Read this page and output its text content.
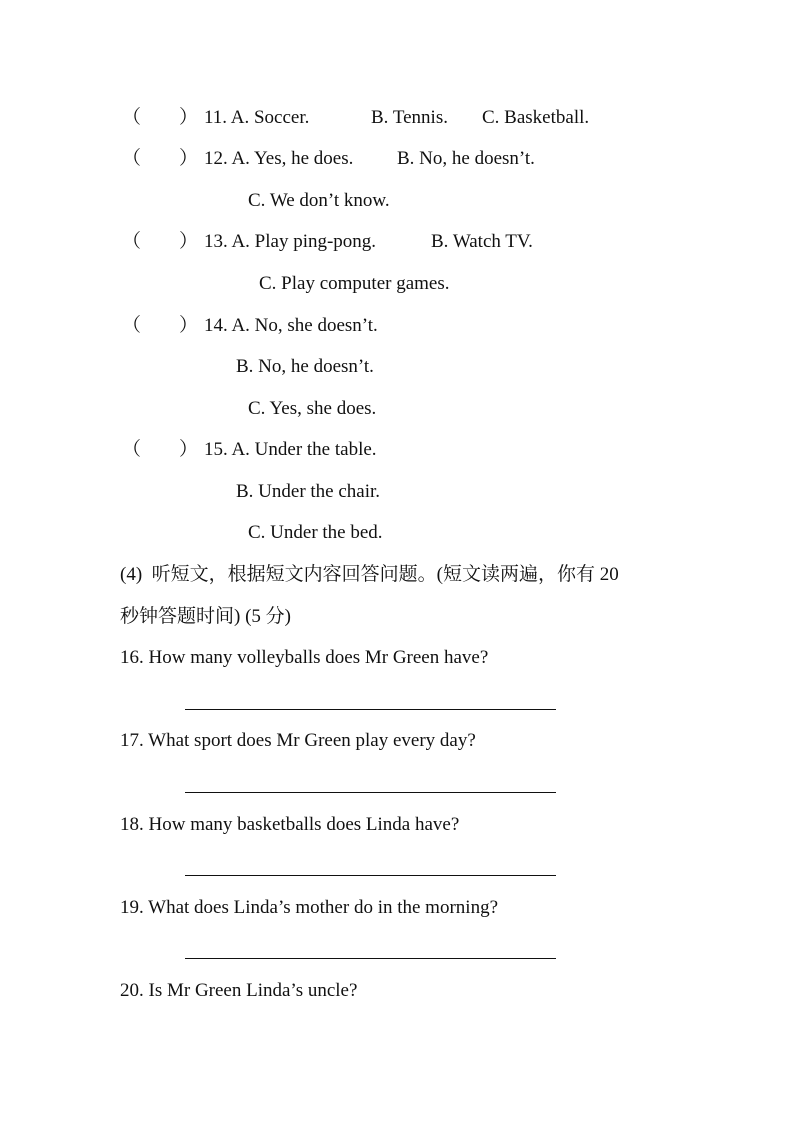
（　　） 11. A. Soccer.	B. Tennis. C. Basketball.
（　　） 12. A. Yes, he does. B. No, he doesn’t.
C. We don’t know.
（　　） 13. A. Play ping-pong.	B. Watch TV.
C. Play computer games.
（　　） 14. A. No, she doesn’t.
B. No, he doesn’t.
C. Yes, she does.
（　　） 15. A. Under the table.
B. Under the chair.
C. Under the bed.
(4)  听短文，根据短文内容回答问题。(短文读两遍，你有 20
秒钟答题时间) (5 分)
16. How many volleyballs does Mr Green have?
17. What sport does Mr Green play every day?
18. How many basketballs does Linda have?
19. What does Linda’s mother do in the morning?
20. Is Mr Green Linda’s uncle?
